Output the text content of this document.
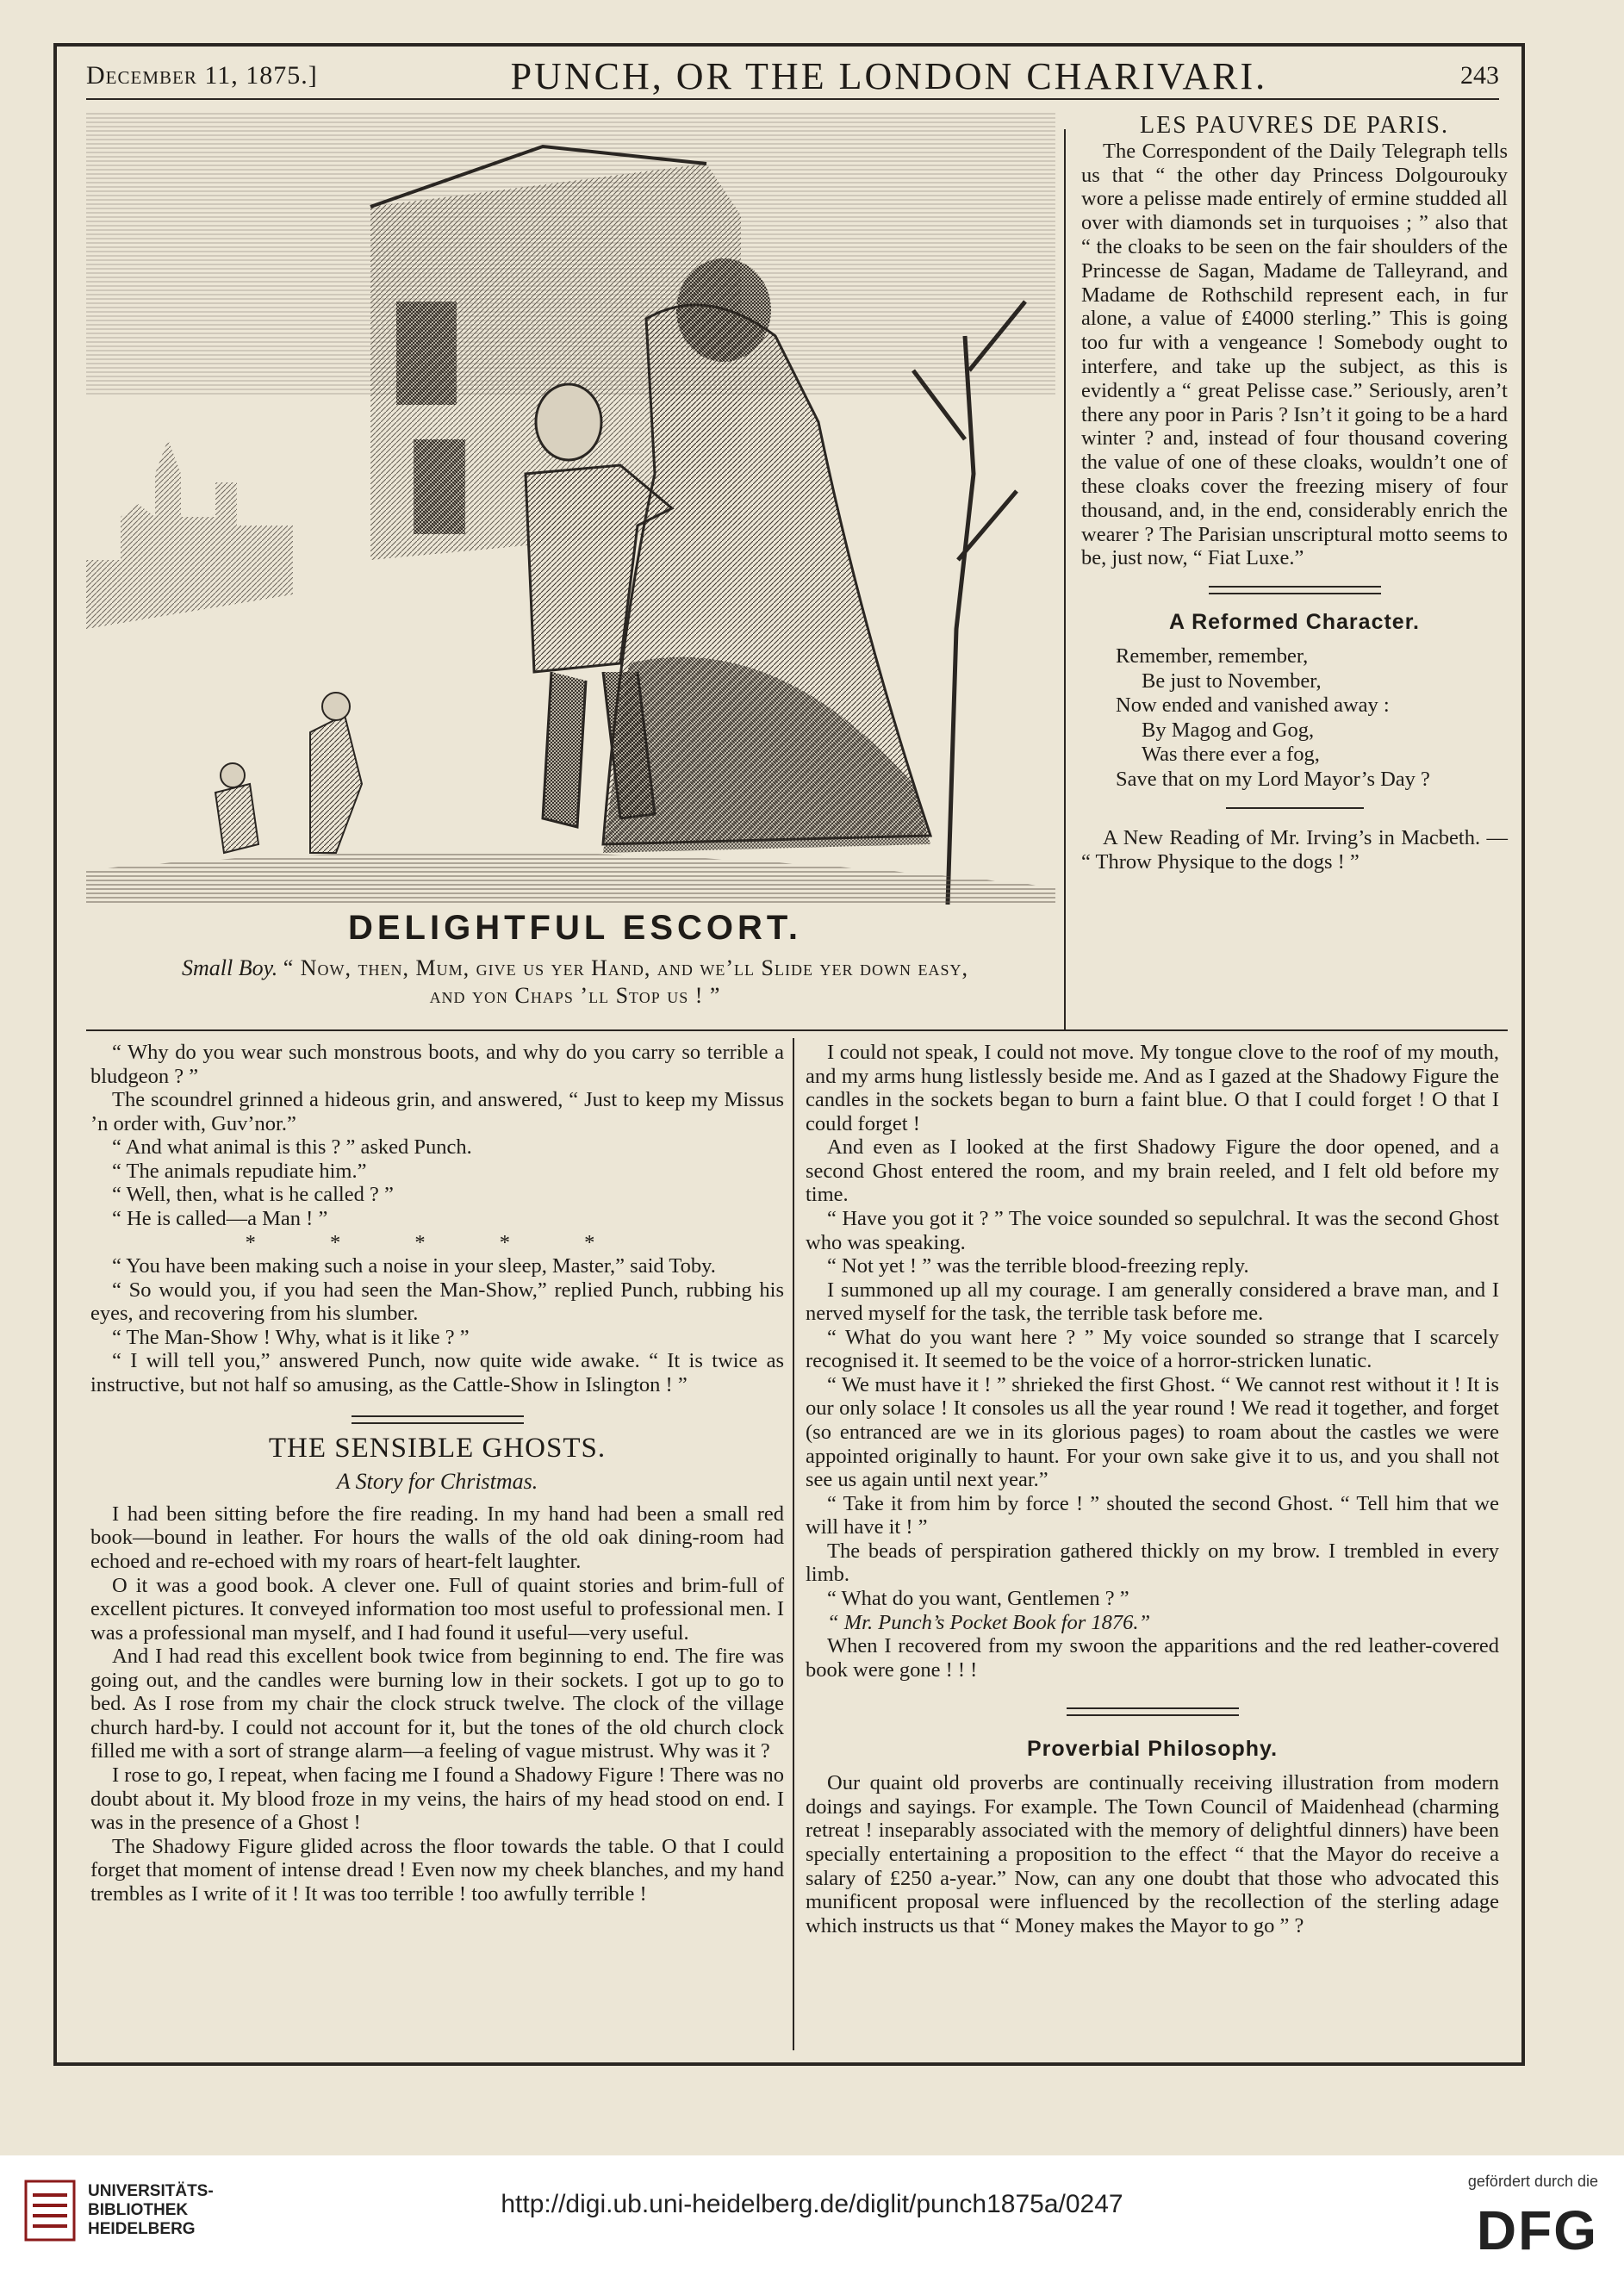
December 11, 1875.]	PUNCH, OR THE LONDON CHARIVARI.	243
DELIGHTFUL ESCORT.
Small Boy. “ Now, then, Mum, give us yer Hand, and we’ll Slide yer down easy,
and yon Chaps ’ll Stop us ! ”
LES PAUVRES DE PARIS.

The Correspondent of the Daily Telegraph tells us that “ the other day Princess Dolgourouky wore a pelisse made entirely of ermine studded all over with diamonds set in turquoises ; ” also that “ the cloaks to be seen on the fair shoulders of the Princesse de Sagan, Madame de Talleyrand, and Madame de Rothschild represent each, in fur alone, a value of £4000 sterling.” This is going too fur with a vengeance ! Somebody ought to interfere, and take up the subject, as this is evidently a “ great Pelisse case.” Seriously, aren’t there any poor in Paris ? Isn’t it going to be a hard winter ? and, instead of four thousand covering the value of one of these cloaks, wouldn’t one of these cloaks cover the freezing misery of four thousand, and, in the end, considerably enrich the wearer ? The Parisian unscriptural motto seems to be, just now, “ Fiat Luxe.”

A Reformed Character.
Remember, remember,
Be just to November,
Now ended and vanished away :
By Magog and Gog,
Was there ever a fog,
Save that on my Lord Mayor’s Day ?

A New Reading of Mr. Irving’s in Macbeth. — “ Throw Physique to the dogs ! ”

“ Why do you wear such monstrous boots, and why do you carry so terrible a bludgeon ? ”

The scoundrel grinned a hideous grin, and answered, “ Just to keep my Missus ’n order with, Guv’nor.”

“ And what animal is this ? ” asked Punch.

“ The animals repudiate him.”

“ Well, then, what is he called ? ”

“ He is called—a Man ! ”

* * * * *

“ You have been making such a noise in your sleep, Master,” said Toby.

“ So would you, if you had seen the Man-Show,” replied Punch, rubbing his eyes, and recovering from his slumber.

“ The Man-Show ! Why, what is it like ? ”

“ I will tell you,” answered Punch, now quite wide awake. “ It is twice as instructive, but not half so amusing, as the Cattle-Show in Islington ! ”

THE SENSIBLE GHOSTS.

A Story for Christmas.

I had been sitting before the fire reading. In my hand had been a small red book—bound in leather. For hours the walls of the old oak dining-room had echoed and re-echoed with my roars of heart-felt laughter.

O it was a good book. A clever one. Full of quaint stories and brim-full of excellent pictures. It conveyed information too most useful to professional men. I was a professional man myself, and I had found it useful—very useful.

And I had read this excellent book twice from beginning to end. The fire was going out, and the candles were burning low in their sockets. I got up to go to bed. As I rose from my chair the clock struck twelve. The clock of the village church hard-by. I could not account for it, but the tones of the old church clock filled me with a sort of strange alarm—a feeling of vague mistrust. Why was it ?

I rose to go, I repeat, when facing me I found a Shadowy Figure ! There was no doubt about it. My blood froze in my veins, the hairs of my head stood on end. I was in the presence of a Ghost !

The Shadowy Figure glided across the floor towards the table. O that I could forget that moment of intense dread ! Even now my cheek blanches, and my hand trembles as I write of it ! It was too terrible ! too awfully terrible !

I could not speak, I could not move. My tongue clove to the roof of my mouth, and my arms hung listlessly beside me. And as I gazed at the Shadowy Figure the candles in the sockets began to burn a faint blue. O that I could forget ! O that I could forget !

And even as I looked at the first Shadowy Figure the door opened, and a second Ghost entered the room, and my brain reeled, and I felt old before my time.

“ Have you got it ? ” The voice sounded so sepulchral. It was the second Ghost who was speaking.

“ Not yet ! ” was the terrible blood-freezing reply.

I summoned up all my courage. I am generally considered a brave man, and I nerved myself for the task, the terrible task before me.

“ What do you want here ? ” My voice sounded so strange that I scarcely recognised it. It seemed to be the voice of a horror-stricken lunatic.

“ We must have it ! ” shrieked the first Ghost. “ We cannot rest without it ! It is our only solace ! It consoles us all the year round ! We read it together, and forget (so entranced are we in its glorious pages) to roam about the castles we were appointed originally to haunt. For your own sake give it to us, and you shall not see us again until next year.”

“ Take it from him by force ! ” shouted the second Ghost. “ Tell him that we will have it ! ”

The beads of perspiration gathered thickly on my brow. I trembled in every limb.

“ What do you want, Gentlemen ? ”

“ Mr. Punch’s Pocket Book for 1876.”

When I recovered from my swoon the apparitions and the red leather-covered book were gone ! ! !

Proverbial Philosophy.

Our quaint old proverbs are continually receiving illustration from modern doings and sayings. For example. The Town Council of Maidenhead (charming retreat ! inseparably associated with the memory of delightful dinners) have been specially entertaining a proposition to the effect “ that the Mayor do receive a salary of £250 a-year.” Now, can any one doubt that those who advocated this munificent proposal were influenced by the recollection of the sterling adage which instructs us that “ Money makes the Mayor to go ” ?

UNIVERSITÄTS-
BIBLIOTHEK
HEIDELBERG
http://digi.ub.uni-heidelberg.de/diglit/punch1875a/0247
gefördert durch die
DFG
